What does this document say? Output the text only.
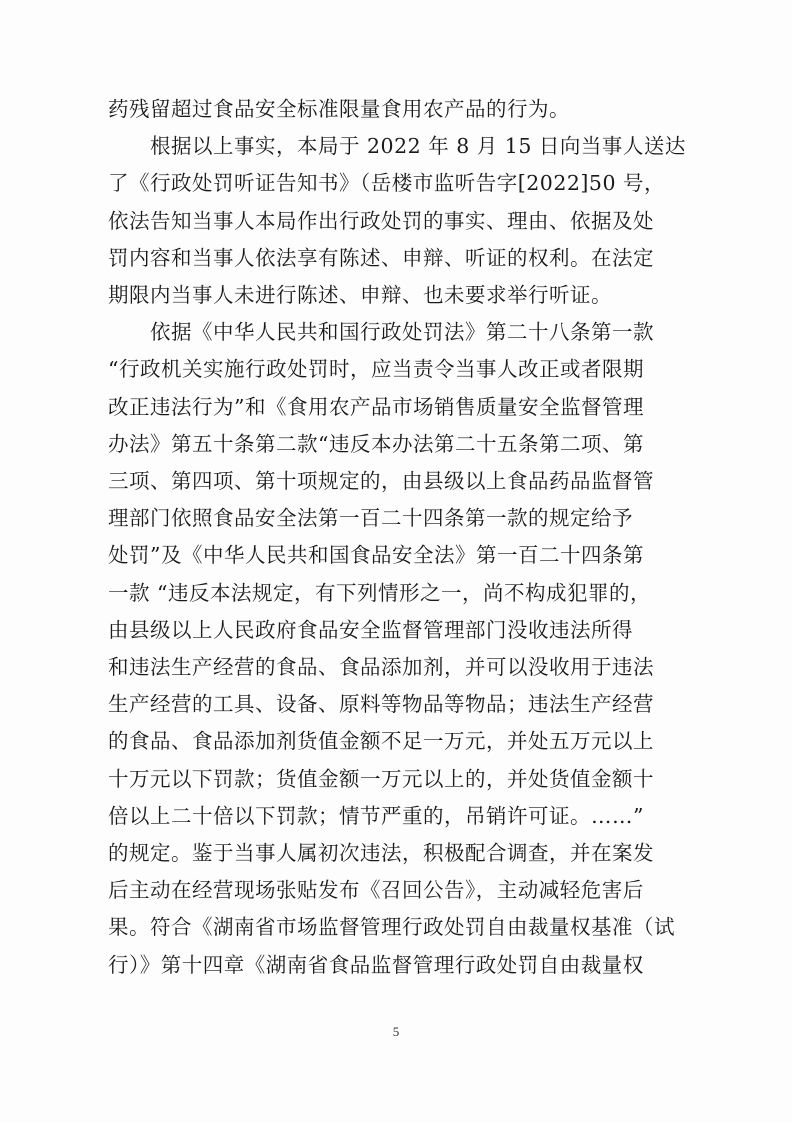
药残留超过食品安全标准限量食用农产品的行为。
根据以上事实，本局于 2022 年 8 月 15 日向当事人送达
了《行政处罚听证告知书》（岳楼市监听告字[2022]50 号，
依法告知当事人本局作出行政处罚的事实、理由、依据及处
罚内容和当事人依法享有陈述、申辩、听证的权利。在法定
期限内当事人未进行陈述、申辩、也未要求举行听证。
依据《中华人民共和国行政处罚法》第二十八条第一款
“行政机关实施行政处罚时，应当责令当事人改正或者限期
改正违法行为”和《食用农产品市场销售质量安全监督管理
办法》第五十条第二款“违反本办法第二十五条第二项、第
三项、第四项、第十项规定的，由县级以上食品药品监督管
理部门依照食品安全法第一百二十四条第一款的规定给予
处罚”及《中华人民共和国食品安全法》第一百二十四条第
一款 “违反本法规定，有下列情形之一，尚不构成犯罪的，
由县级以上人民政府食品安全监督管理部门没收违法所得
和违法生产经营的食品、食品添加剂，并可以没收用于违法
生产经营的工具、设备、原料等物品等物品；违法生产经营
的食品、食品添加剂货值金额不足一万元，并处五万元以上
十万元以下罚款；货值金额一万元以上的，并处货值金额十
倍以上二十倍以下罚款；情节严重的，吊销许可证。……”
的规定。鉴于当事人属初次违法，积极配合调查，并在案发
后主动在经营现场张贴发布《召回公告》，主动减轻危害后
果。符合《湖南省市场监督管理行政处罚自由裁量权基准（试
行）》第十四章《湖南省食品监督管理行政处罚自由裁量权
5
